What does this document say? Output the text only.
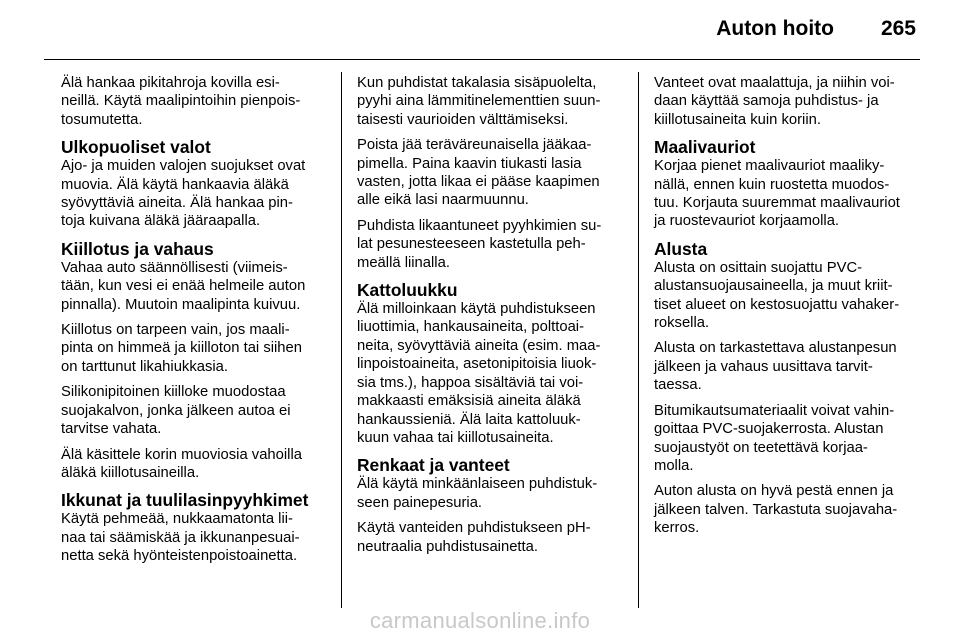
Auton hoito 265

Älä hankaa pikitahroja kovilla esi-
neillä. Käytä maalipintoihin pienpois-
tosumutetta.

Ulkopuoliset valot

Ajo- ja muiden valojen suojukset ovat
muovia. Älä käytä hankaavia äläkä
syövyttäviä aineita. Älä hankaa pin-
toja kuivana äläkä jääraapalla.

Kiillotus ja vahaus

Vahaa auto säännöllisesti (viimeis-
tään, kun vesi ei enää helmeile auton
pinnalla). Muutoin maalipinta kuivuu.

Kiillotus on tarpeen vain, jos maali-
pinta on himmeä ja kiilloton tai siihen
on tarttunut likahiukkasia.

Silikonipitoinen kiilloke muodostaa
suojakalvon, jonka jälkeen autoa ei
tarvitse vahata.

Älä käsittele korin muoviosia vahoilla
äläkä kiillotusaineilla.

Ikkunat ja tuulilasinpyyhkimet

Käytä pehmeää, nukkaamatonta lii-
naa tai säämiskää ja ikkunanpesuai-
netta sekä hyönteistenpoistoainetta.

Kun puhdistat takalasia sisäpuolelta,
pyyhi aina lämmitinelementtien suun-
taisesti vaurioiden välttämiseksi.

Poista jää teräväreunaisella jääkaa-
pimella. Paina kaavin tiukasti lasia
vasten, jotta likaa ei pääse kaapimen
alle eikä lasi naarmuunnu.

Puhdista likaantuneet pyyhkimien su-
lat pesunesteeseen kastetulla peh-
meällä liinalla.

Kattoluukku

Älä milloinkaan käytä puhdistukseen
liuottimia, hankausaineita, polttoai-
neita, syövyttäviä aineita (esim. maa-
linpoistoaineita, asetonipitoisia liuok-
sia tms.), happoa sisältäviä tai voi-
makkaasti emäksisiä aineita äläkä
hankaussieniä. Älä laita kattoluuk-
kuun vahaa tai kiillotusaineita.

Renkaat ja vanteet

Älä käytä minkäänlaiseen puhdistuk-
seen painepesuria.

Käytä vanteiden puhdistukseen pH-
neutraalia puhdistusainetta.

Vanteet ovat maalattuja, ja niihin voi-
daan käyttää samoja puhdistus- ja
kiillotusaineita kuin koriin.

Maalivauriot

Korjaa pienet maalivauriot maaliky-
nällä, ennen kuin ruostetta muodos-
tuu. Korjauta suuremmat maalivauriot
ja ruostevauriot korjaamolla.

Alusta

Alusta on osittain suojattu PVC-
alustansuojausaineella, ja muut kriit-
tiset alueet on kestosuojattu vahaker-
roksella.

Alusta on tarkastettava alustanpesun
jälkeen ja vahaus uusittava tarvit-
taessa.

Bitumikautsumateriaalit voivat vahin-
goittaa PVC-suojakerrosta. Alustan
suojaustyöt on teetettävä korjaa-
molla.

Auton alusta on hyvä pestä ennen ja
jälkeen talven. Tarkastuta suojavaha-
kerros.

carmanualsonline.info
